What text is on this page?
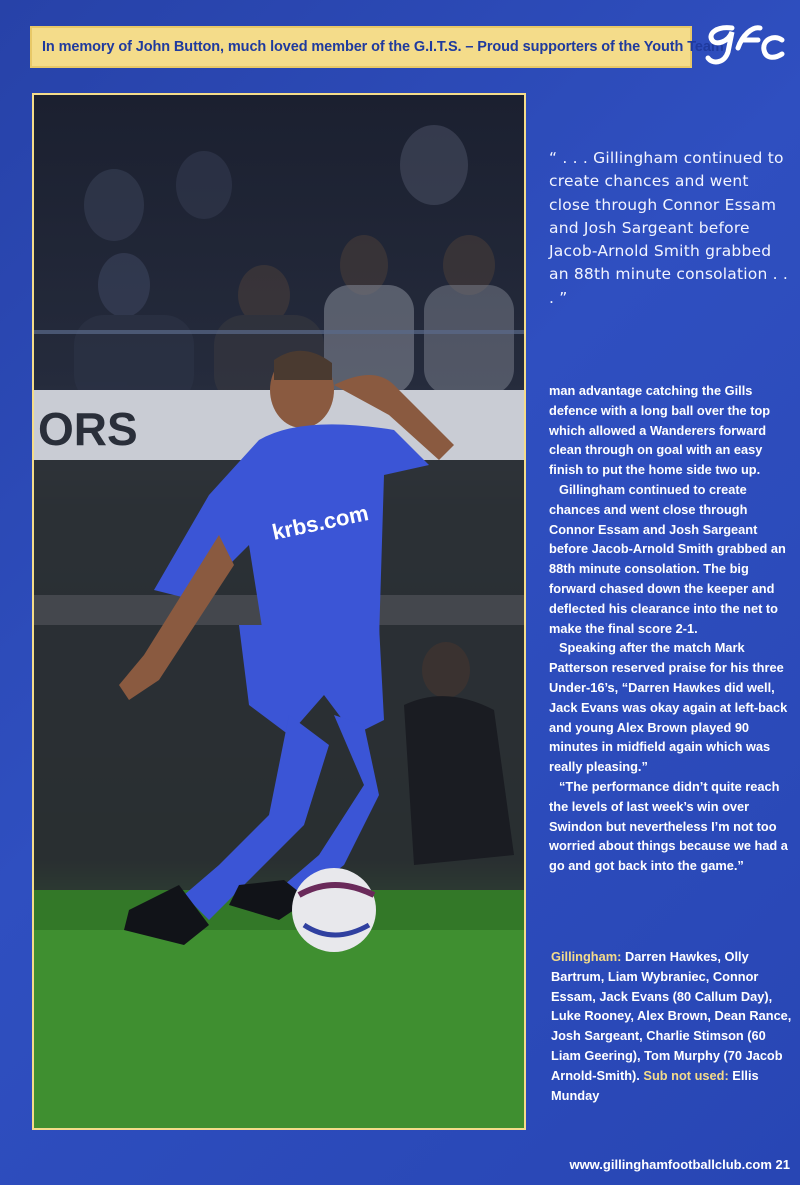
In memory of John Button, much loved member of the G.I.T.S. – Proud supporters of the Youth Team
ORS
krbs.com
“ . . . Gillingham continued to create chances and went close through Connor Essam and Josh Sargeant before Jacob-Arnold Smith grabbed an 88th minute consolation . . . ”

man advantage catching the Gills defence with a long ball over the top which allowed a Wanderers forward clean through on goal with an easy finish to put the home side two up.

Gillingham continued to create chances and went close through Connor Essam and Josh Sargeant before Jacob-Arnold Smith grabbed an 88th minute consolation. The big forward chased down the keeper and deflected his clearance into the net to make the final score 2-1.

Speaking after the match Mark Patterson reserved praise for his three Under-16’s, “Darren Hawkes did well, Jack Evans was okay again at left-back and young Alex Brown played 90 minutes in midfield again which was really pleasing.”

“The performance didn’t quite reach the levels of last week’s win over Swindon but nevertheless I’m not too worried about things because we had a go and got back into the game.”

Gillingham: Darren Hawkes, Olly Bartrum, Liam Wybraniec, Connor Essam, Jack Evans (80 Callum Day), Luke Rooney, Alex Brown, Dean Rance, Josh Sargeant, Charlie Stimson (60 Liam Geering), Tom Murphy (70 Jacob Arnold-Smith). Sub not used: Ellis Munday
www.gillinghamfootballclub.com 21
